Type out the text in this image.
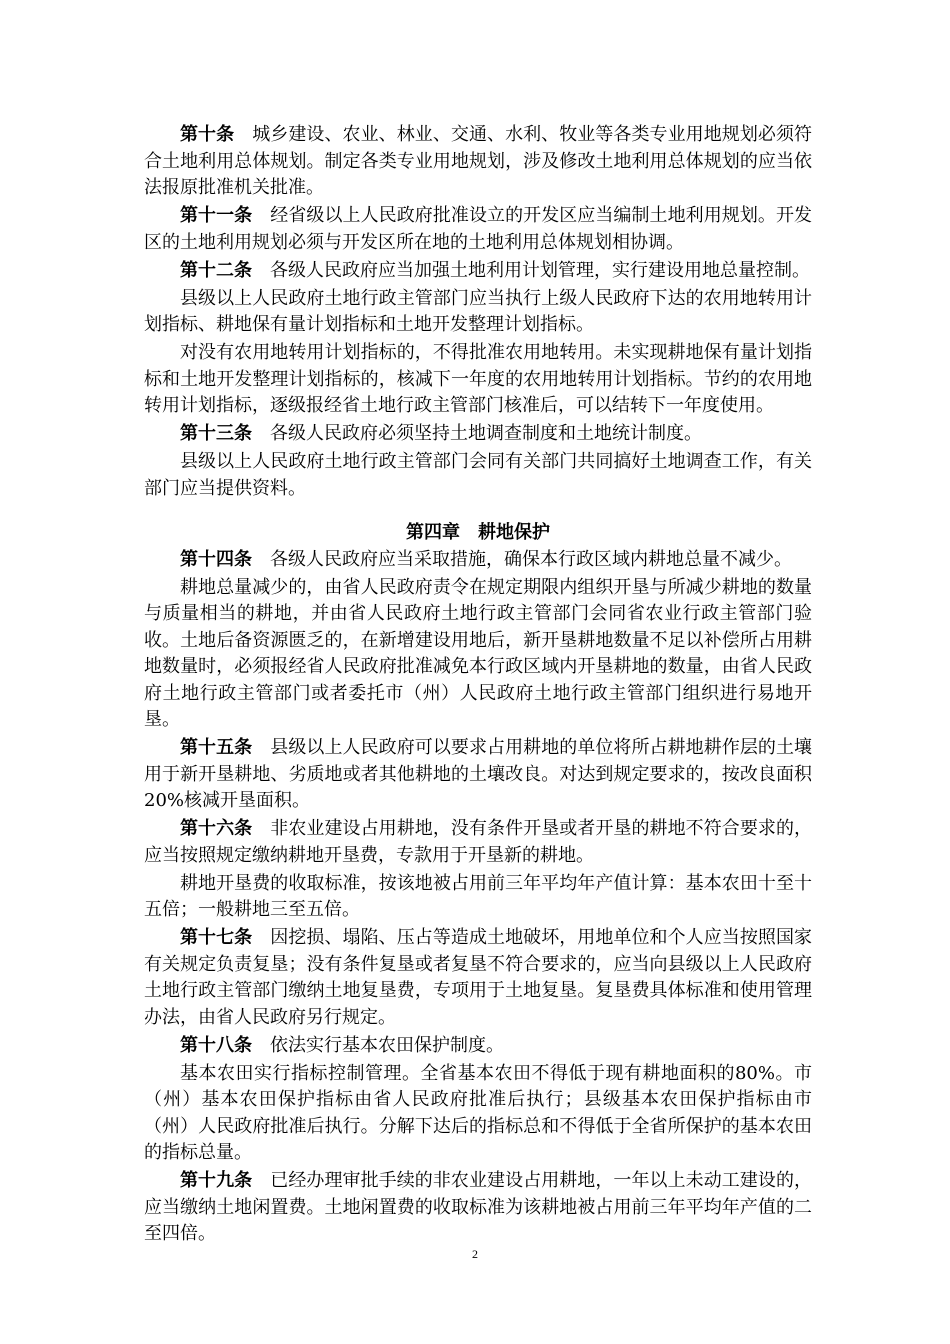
第十条 城乡建设、农业、林业、交通、水利、牧业等各类专业用地规划必须符合土地利用总体规划。制定各类专业用地规划，涉及修改土地利用总体规划的应当依法报原批准机关批准。

第十一条 经省级以上人民政府批准设立的开发区应当编制土地利用规划。开发区的土地利用规划必须与开发区所在地的土地利用总体规划相协调。

第十二条 各级人民政府应当加强土地利用计划管理，实行建设用地总量控制。

县级以上人民政府土地行政主管部门应当执行上级人民政府下达的农用地转用计划指标、耕地保有量计划指标和土地开发整理计划指标。

对没有农用地转用计划指标的，不得批准农用地转用。未实现耕地保有量计划指标和土地开发整理计划指标的，核减下一年度的农用地转用计划指标。节约的农用地转用计划指标，逐级报经省土地行政主管部门核准后，可以结转下一年度使用。

第十三条 各级人民政府必须坚持土地调查制度和土地统计制度。

县级以上人民政府土地行政主管部门会同有关部门共同搞好土地调查工作，有关部门应当提供资料。

第四章 耕地保护

第十四条 各级人民政府应当采取措施，确保本行政区域内耕地总量不减少。

耕地总量减少的，由省人民政府责令在规定期限内组织开垦与所减少耕地的数量与质量相当的耕地，并由省人民政府土地行政主管部门会同省农业行政主管部门验收。土地后备资源匮乏的，在新增建设用地后，新开垦耕地数量不足以补偿所占用耕地数量时，必须报经省人民政府批准减免本行政区域内开垦耕地的数量，由省人民政府土地行政主管部门或者委托市（州）人民政府土地行政主管部门组织进行易地开垦。

第十五条 县级以上人民政府可以要求占用耕地的单位将所占耕地耕作层的土壤用于新开垦耕地、劣质地或者其他耕地的土壤改良。对达到规定要求的，按改良面积20%核减开垦面积。

第十六条 非农业建设占用耕地，没有条件开垦或者开垦的耕地不符合要求的，应当按照规定缴纳耕地开垦费，专款用于开垦新的耕地。

耕地开垦费的收取标准，按该地被占用前三年平均年产值计算：基本农田十至十五倍；一般耕地三至五倍。

第十七条 因挖损、塌陷、压占等造成土地破坏，用地单位和个人应当按照国家有关规定负责复垦；没有条件复垦或者复垦不符合要求的，应当向县级以上人民政府土地行政主管部门缴纳土地复垦费，专项用于土地复垦。复垦费具体标准和使用管理办法，由省人民政府另行规定。

第十八条 依法实行基本农田保护制度。

基本农田实行指标控制管理。全省基本农田不得低于现有耕地面积的80%。市（州）基本农田保护指标由省人民政府批准后执行；县级基本农田保护指标由市（州）人民政府批准后执行。分解下达后的指标总和不得低于全省所保护的基本农田的指标总量。

第十九条 已经办理审批手续的非农业建设占用耕地，一年以上未动工建设的，应当缴纳土地闲置费。土地闲置费的收取标准为该耕地被占用前三年平均年产值的二至四倍。

2
